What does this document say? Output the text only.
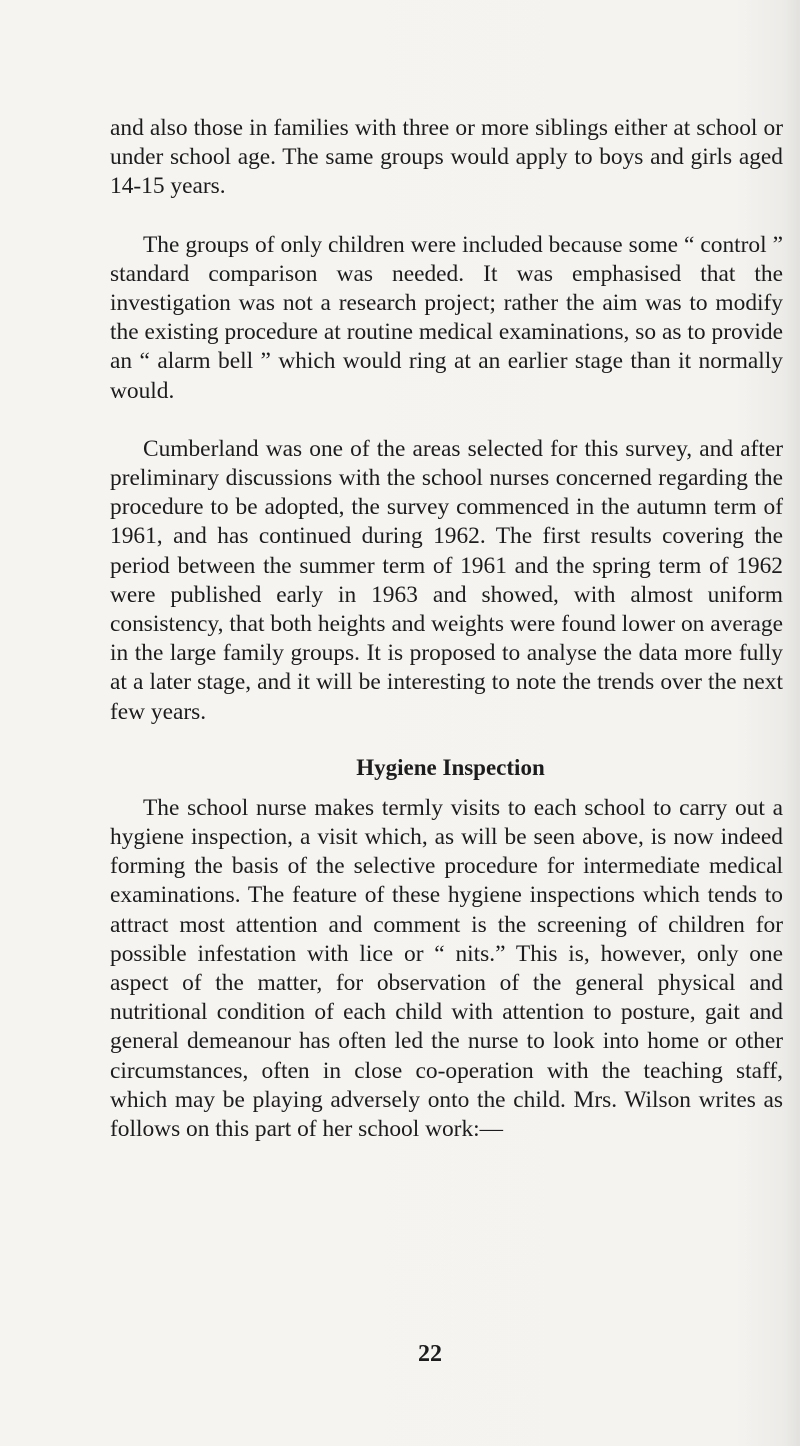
and also those in families with three or more siblings either at school or under school age. The same groups would apply to boys and girls aged 14-15 years.

The groups of only children were included because some “ control ” standard comparison was needed. It was emphasised that the investigation was not a research project; rather the aim was to modify the existing procedure at routine medical examinations, so as to provide an “ alarm bell ” which would ring at an earlier stage than it normally would.

Cumberland was one of the areas selected for this survey, and after preliminary discussions with the school nurses concerned regarding the procedure to be adopted, the survey commenced in the autumn term of 1961, and has continued during 1962. The first results covering the period between the summer term of 1961 and the spring term of 1962 were published early in 1963 and showed, with almost uniform consistency, that both heights and weights were found lower on average in the large family groups. It is proposed to analyse the data more fully at a later stage, and it will be interesting to note the trends over the next few years.

Hygiene Inspection

The school nurse makes termly visits to each school to carry out a hygiene inspection, a visit which, as will be seen above, is now indeed forming the basis of the selective procedure for intermediate medical examinations. The feature of these hygiene inspections which tends to attract most attention and comment is the screening of children for possible infestation with lice or “ nits.” This is, however, only one aspect of the matter, for observation of the general physical and nutritional condition of each child with attention to posture, gait and general demeanour has often led the nurse to look into home or other circumstances, often in close co-operation with the teaching staff, which may be playing adversely onto the child. Mrs. Wilson writes as follows on this part of her school work:—

22
